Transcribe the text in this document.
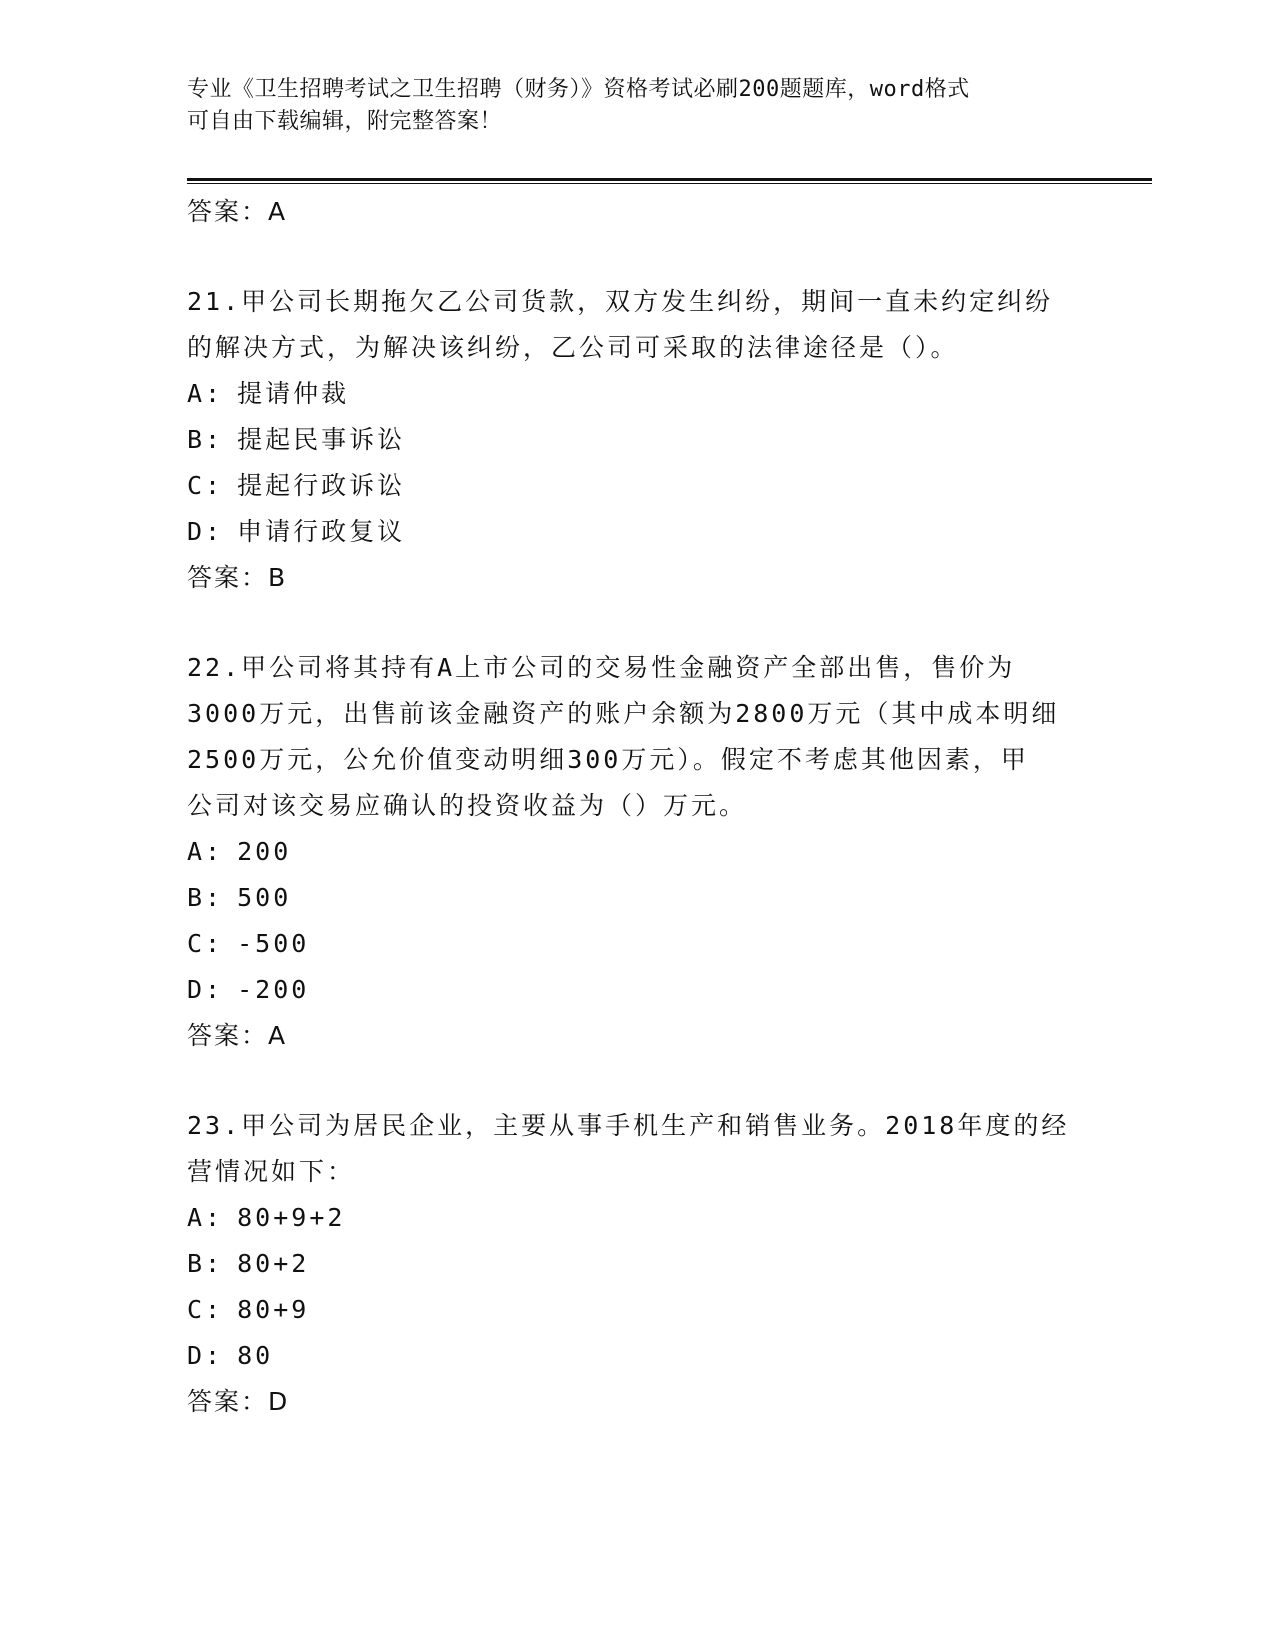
专业《卫生招聘考试之卫生招聘（财务）》资格考试必刷200题题库，word格式
可自由下载编辑，附完整答案！
答案：A
21.甲公司长期拖欠乙公司货款，双方发生纠纷，期间一直未约定纠纷
的解决方式，为解决该纠纷，乙公司可采取的法律途径是（）。
A: 提请仲裁
B: 提起民事诉讼
C: 提起行政诉讼
D: 申请行政复议
答案：B
22.甲公司将其持有A上市公司的交易性金融资产全部出售，售价为
3000万元，出售前该金融资产的账户余额为2800万元（其中成本明细
2500万元，公允价值变动明细300万元）。假定不考虑其他因素，甲
公司对该交易应确认的投资收益为（）万元。
A: 200
B: 500
C: -500
D: -200
答案：A
23.甲公司为居民企业，主要从事手机生产和销售业务。2018年度的经
营情况如下：
A: 80+9+2
B: 80+2
C: 80+9
D: 80
答案：D
